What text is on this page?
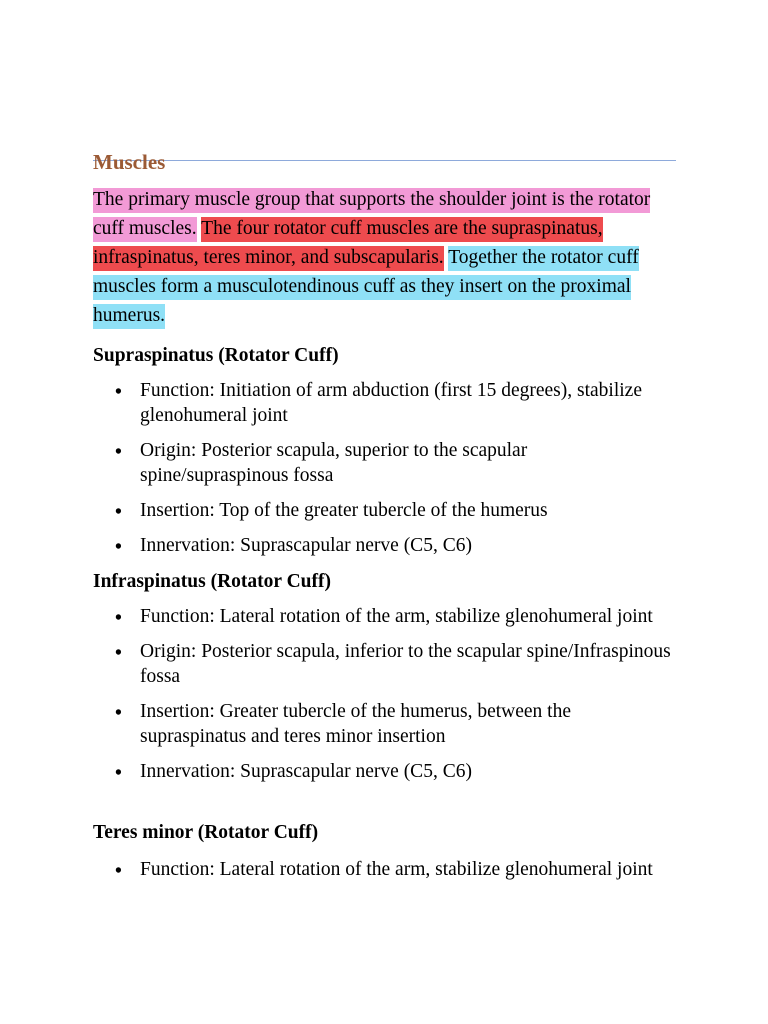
Muscles

The primary muscle group that supports the shoulder joint is the rotator cuff muscles. The four rotator cuff muscles are the supraspinatus, infraspinatus, teres minor, and subscapularis. Together the rotator cuff muscles form a musculotendinous cuff as they insert on the proximal humerus.

Supraspinatus (Rotator Cuff)
• Function: Initiation of arm abduction (first 15 degrees), stabilize glenohumeral joint
• Origin: Posterior scapula, superior to the scapular spine/supraspinous fossa
• Insertion: Top of the greater tubercle of the humerus
• Innervation: Suprascapular nerve (C5, C6)
Infraspinatus (Rotator Cuff)
• Function: Lateral rotation of the arm, stabilize glenohumeral joint
• Origin: Posterior scapula, inferior to the scapular spine/Infraspinous fossa
• Insertion: Greater tubercle of the humerus, between the supraspinatus and teres minor insertion
• Innervation: Suprascapular nerve (C5, C6)
Teres minor (Rotator Cuff)
• Function: Lateral rotation of the arm, stabilize glenohumeral joint
